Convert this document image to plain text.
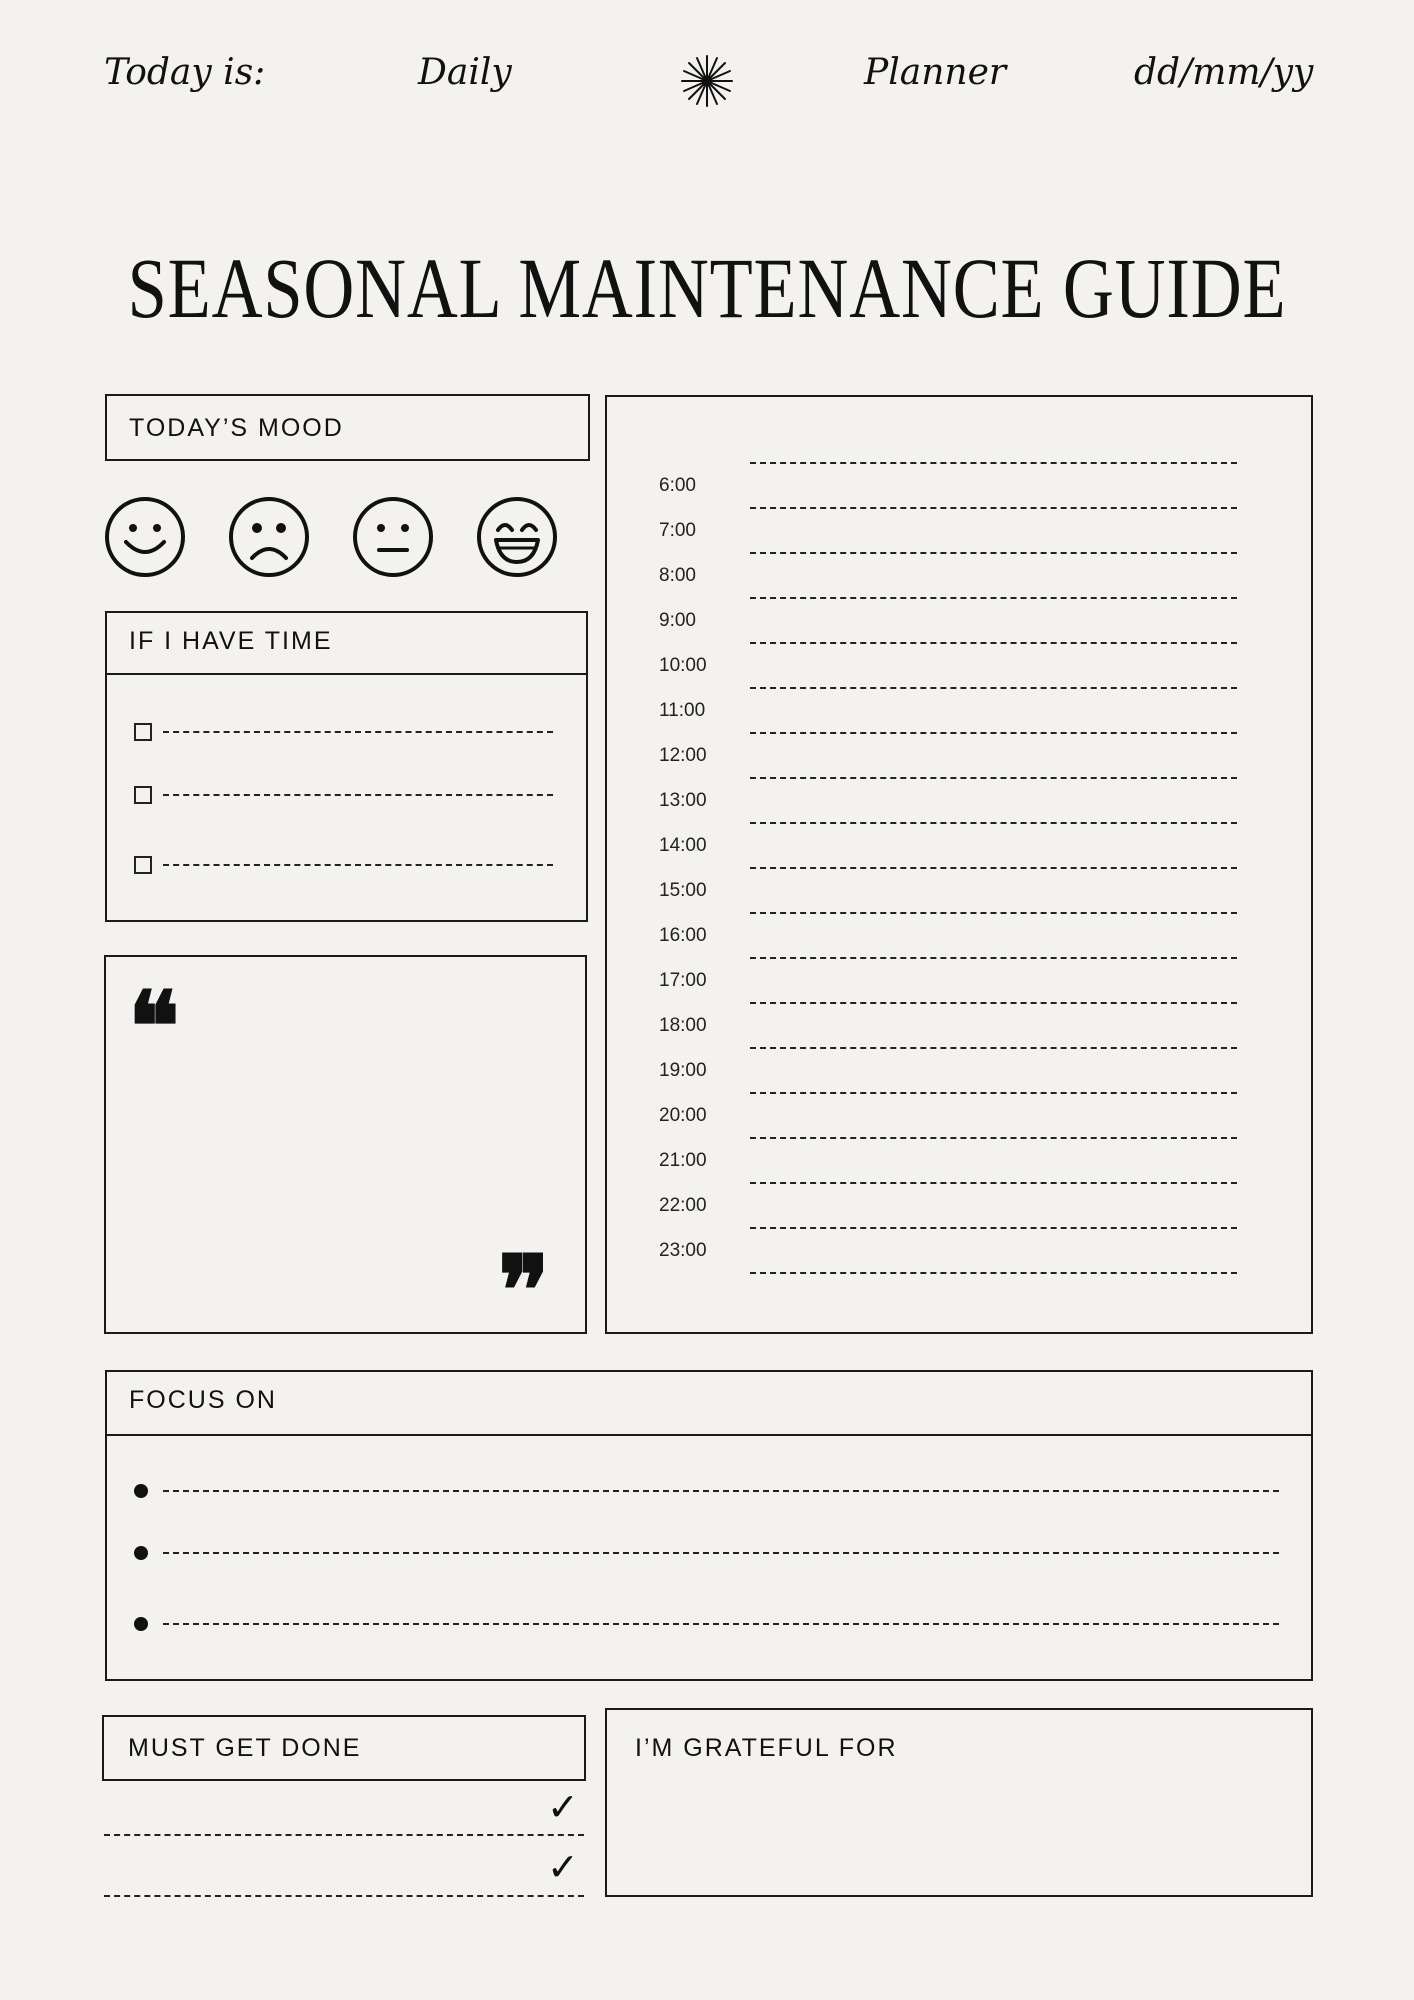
Today is:	Daily	Planner	dd/mm/yy
SEASONAL MAINTENANCE GUIDE
TODAY’S MOOD
IF I HAVE TIME
❝
❞
6:00
7:00
8:00
9:00
10:00
11:00
12:00
13:00
14:00
15:00
16:00
17:00
18:00
19:00
20:00
21:00
22:00
23:00
FOCUS ON
MUST GET DONE
✓
✓
I’M GRATEFUL FOR
